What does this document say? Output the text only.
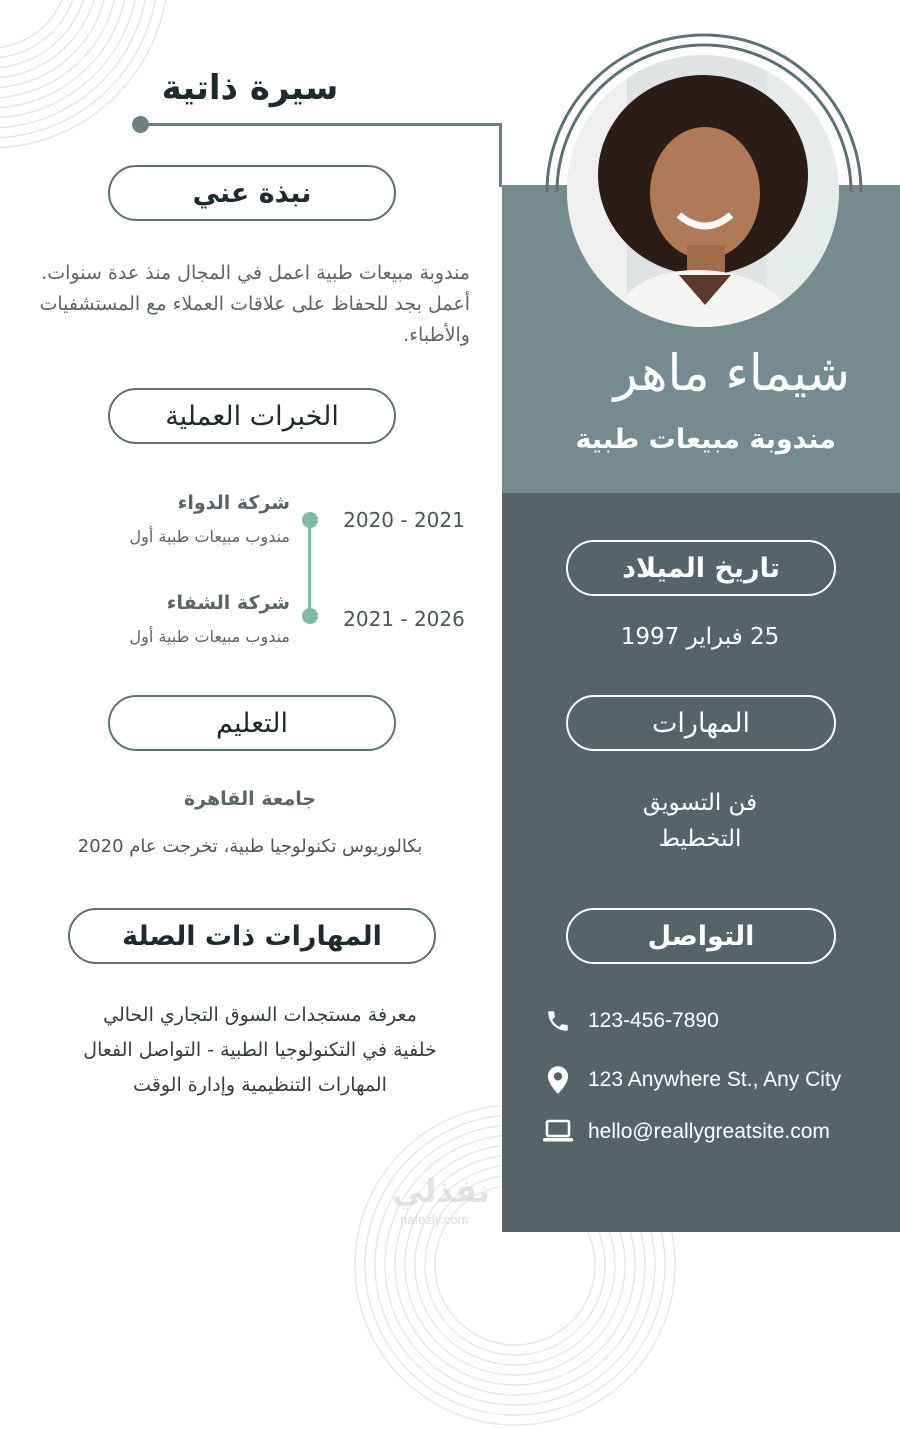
سيرة ذاتية
شيماء ماهر
مندوبة مبيعات طبية
نبذة عني
مندوبة مبيعات طبية اعمل في المجال منذ عدة سنوات. أعمل بجد للحفاظ على علاقات العملاء مع المستشفيات والأطباء.
الخبرات العملية
شركة الدواء
مندوب مبيعات طبية أول
2020 - 2021
شركة الشفاء
مندوب مبيعات طبية أول
2021 - 2026
التعليم
جامعة القاهرة
بكالوريوس تكنولوجيا طبية، تخرجت عام 2020
المهارات ذات الصلة
معرفة مستجدات السوق التجاري الحالي
خلفية في التكنولوجيا الطبية - التواصل الفعال
المهارات التنظيمية وإدارة الوقت
تاريخ الميلاد
25 فبراير 1997
المهارات
فن التسويق
التخطيط
التواصل
123-456-7890
123 Anywhere St., Any City
hello@reallygreatsite.com
نفذلي
nafezly.com
